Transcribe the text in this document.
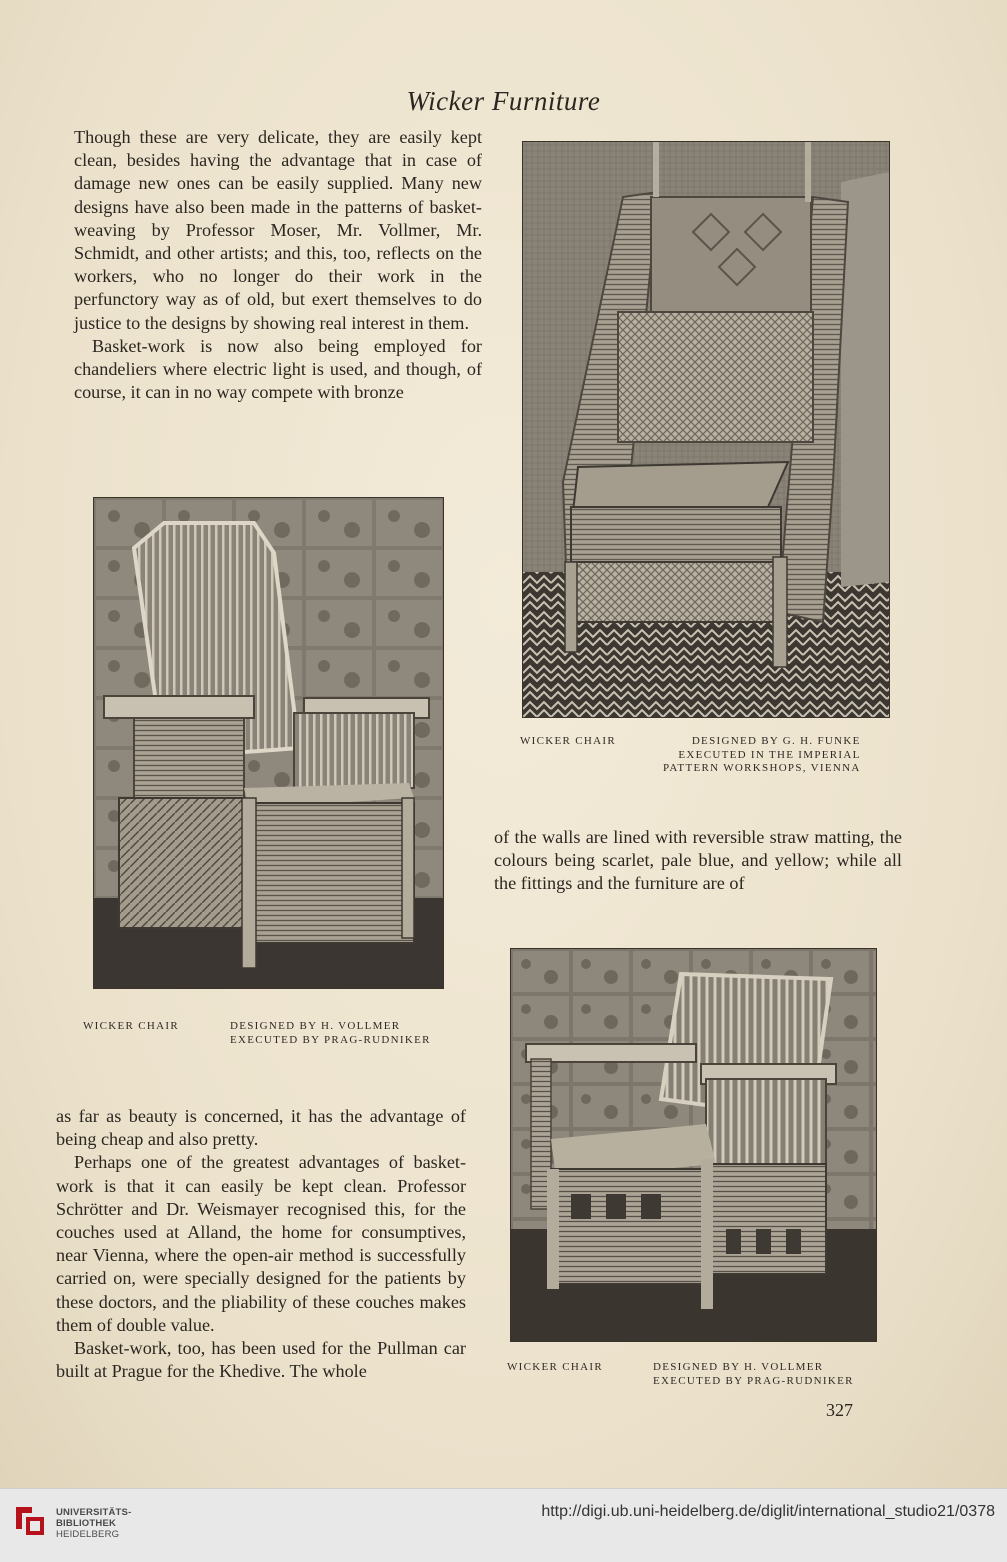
Wicker Furniture

Though these are very delicate, they are easily kept clean, besides having the advantage that in case of damage new ones can be easily supplied. Many new designs have also been made in the patterns of basket-weaving by Professor Moser, Mr. Vollmer, Mr. Schmidt, and other artists; and this, too, reflects on the workers, who no longer do their work in the perfunctory way as of old, but exert themselves to do justice to the designs by showing real interest in them.

Basket-work is now also being employed for chandeliers where electric light is used, and though, of course, it can in no way compete with bronze

WICKER CHAIR	DESIGNED BY G. H. FUNKE
EXECUTED IN THE IMPERIAL
PATTERN WORKSHOPS, VIENNA
WICKER CHAIR	DESIGNED BY H. VOLLMER
EXECUTED BY PRAG-RUDNIKER

of the walls are lined with reversible straw matting, the colours being scarlet, pale blue, and yellow; while all the fittings and the furniture are of

WICKER CHAIR	DESIGNED BY H. VOLLMER
EXECUTED BY PRAG-RUDNIKER

as far as beauty is concerned, it has the advantage of being cheap and also pretty.

Perhaps one of the greatest advantages of basket-work is that it can easily be kept clean. Professor Schrötter and Dr. Weismayer recognised this, for the couches used at Alland, the home for consumptives, near Vienna, where the open-air method is successfully carried on, were specially designed for the patients by these doctors, and the pliability of these couches makes them of double value.

Basket-work, too, has been used for the Pullman car built at Prague for the Khedive. The whole

327
UNIVERSITÄTS-
BIBLIOTHEK
HEIDELBERG
http://digi.ub.uni-heidelberg.de/diglit/international_studio21/0378
